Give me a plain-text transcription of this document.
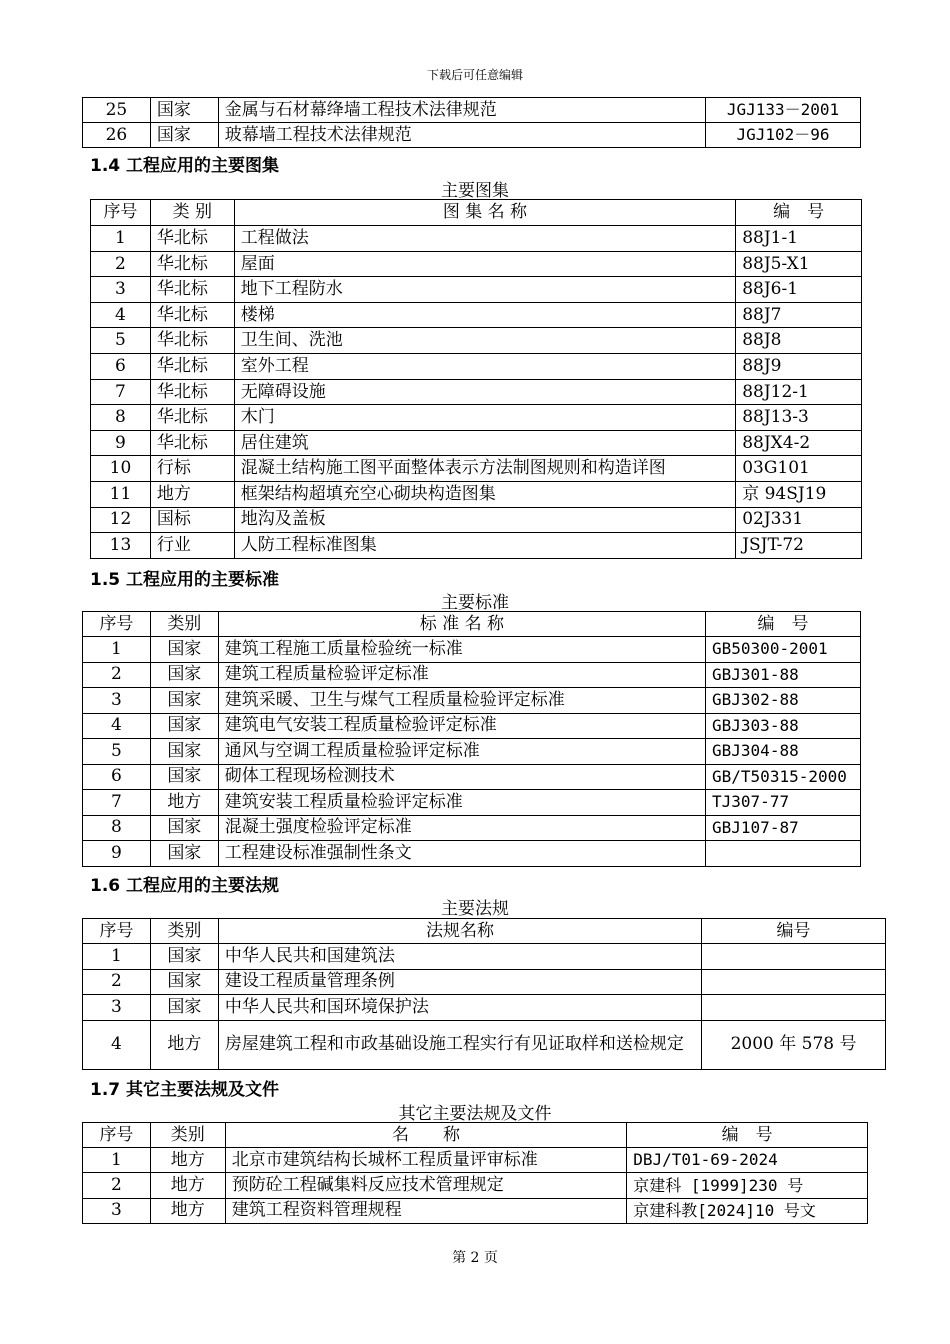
下载后可任意编辑
25	国家	金属与石材幕绛墙工程技术法律规范	JGJ133－2001
26	国家	玻幕墙工程技术法律规范	JGJ102－96
1.4 工程应用的主要图集
主要图集
序号	类 别	图 集 名 称	编　号
1	华北标	工程做法	88J1-1
2	华北标	屋面	88J5-X1
3	华北标	地下工程防水	88J6-1
4	华北标	楼梯	88J7
5	华北标	卫生间、洗池	88J8
6	华北标	室外工程	88J9
7	华北标	无障碍设施	88J12-1
8	华北标	木门	88J13-3
9	华北标	居住建筑	88JX4-2
10	行标	混凝土结构施工图平面整体表示方法制图规则和构造详图	03G101
11	地方	框架结构超填充空心砌块构造图集	京 94SJ19
12	国标	地沟及盖板	02J331
13	行业	人防工程标准图集	JSJT-72
1.5 工程应用的主要标准
主要标准
序号	类别	标 准 名 称	编　号
1	国家	建筑工程施工质量检验统一标准	GB50300-2001
2	国家	建筑工程质量检验评定标准	GBJ301-88
3	国家	建筑采暖、卫生与煤气工程质量检验评定标准	GBJ302-88
4	国家	建筑电气安装工程质量检验评定标准	GBJ303-88
5	国家	通风与空调工程质量检验评定标准	GBJ304-88
6	国家	砌体工程现场检测技术	GB/T50315-2000
7	地方	建筑安装工程质量检验评定标准	TJ307-77
8	国家	混凝土强度检验评定标准	GBJ107-87
9	国家	工程建设标准强制性条文	
1.6 工程应用的主要法规
主要法规
序号	类别	法规名称	编号
1	国家	中华人民共和国建筑法	
2	国家	建设工程质量管理条例	
3	国家	中华人民共和国环境保护法	
4	地方	房屋建筑工程和市政基础设施工程实行有见证取样和送检规定	2000 年 578 号
1.7 其它主要法规及文件
其它主要法规及文件
序号	类别	名　　称	编　号
1	地方	北京市建筑结构长城杯工程质量评审标准	DBJ/T01-69-2024
2	地方	预防砼工程碱集料反应技术管理规定	京建科 [1999]230 号
3	地方	建筑工程资料管理规程	京建科教[2024]10 号文
第 2 页
